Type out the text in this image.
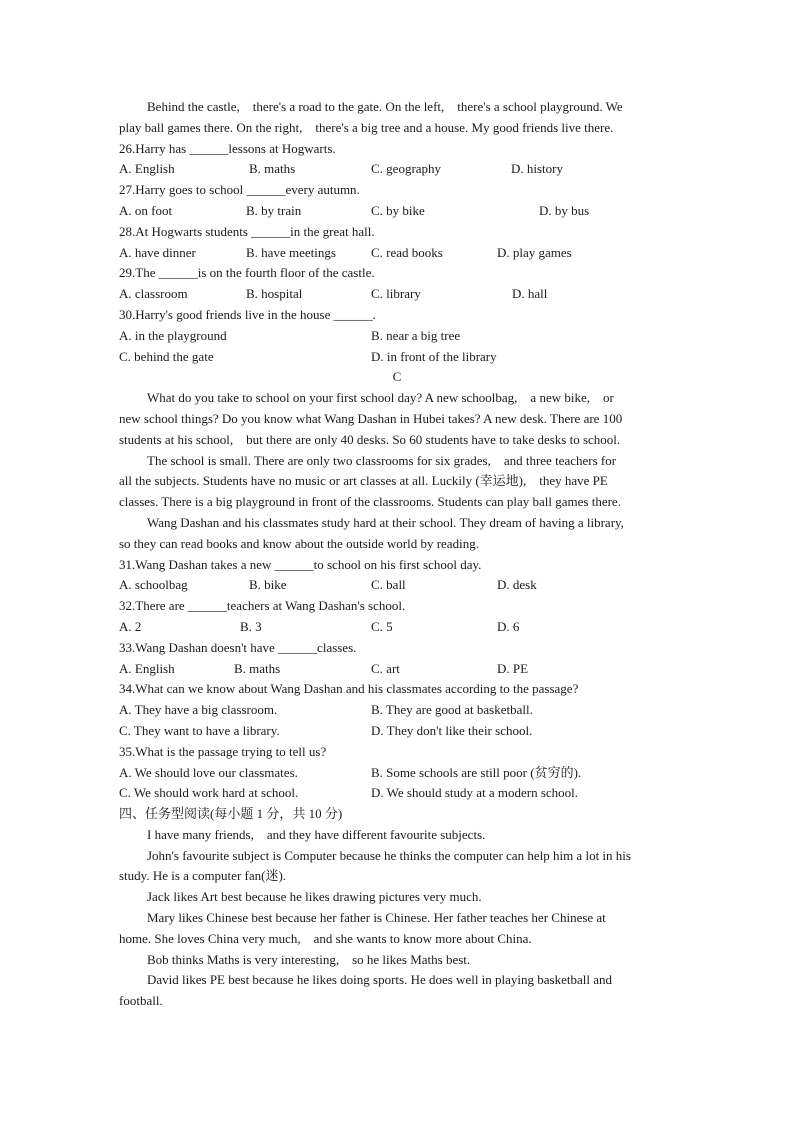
Behind the castle,　there's a road to the gate. On the left,　there's a school playground. We
play ball games there. On the right,　there's a big tree and a house. My good friends live there.
26.Harry has ______lessons at Hogwarts.
A. English	B. maths	C. geography	D. history
27.Harry goes to school ______every autumn.
A. on foot	B. by train	C. by bike	D. by bus
28.At Hogwarts students ______in the great hall.
A. have dinner	B. have meetings	C. read books	D. play games
29.The ______is on the fourth floor of the castle.
A. classroom	B. hospital	C. library	D. hall
30.Harry's good friends live in the house ______.
A. in the playground	B. near a big tree
C. behind the gate	D. in front of the library
C
What do you take to school on your first school day? A new schoolbag,　a new bike,　or
new school things? Do you know what Wang Dashan in Hubei takes? A new desk. There are 100
students at his school,　but there are only 40 desks. So 60 students have to take desks to school.
The school is small. There are only two classrooms for six grades,　and three teachers for
all the subjects. Students have no music or art classes at all. Luckily (幸运地),　they have PE
classes. There is a big playground in front of the classrooms. Students can play ball games there.
Wang Dashan and his classmates study hard at their school. They dream of having a library,
so they can read books and know about the outside world by reading.
31.Wang Dashan takes a new ______to school on his first school day.
A. schoolbag	B. bike	C. ball	D. desk
32.There are ______teachers at Wang Dashan's school.
A. 2	B. 3	C. 5	D. 6
33.Wang Dashan doesn't have ______classes.
A. English	B. maths	C. art	D. PE
34.What can we know about Wang Dashan and his classmates according to the passage?
A. They have a big classroom.	B. They are good at basketball.
C. They want to have a library.	D. They don't like their school.
35.What is the passage trying to tell us?
A. We should love our classmates.	B. Some schools are still poor (贫穷的).
C. We should work hard at school.	D. We should study at a modern school.
四、任务型阅读(每小题 1 分，共 10 分)
I have many friends,　and they have different favourite subjects.
John's favourite subject is Computer because he thinks the computer can help him a lot in his
study. He is a computer fan(迷).
Jack likes Art best because he likes drawing pictures very much.
Mary likes Chinese best because her father is Chinese. Her father teaches her Chinese at
home. She loves China very much,　and she wants to know more about China.
Bob thinks Maths is very interesting,　so he likes Maths best.
David likes PE best because he likes doing sports. He does well in playing basketball and
football.
